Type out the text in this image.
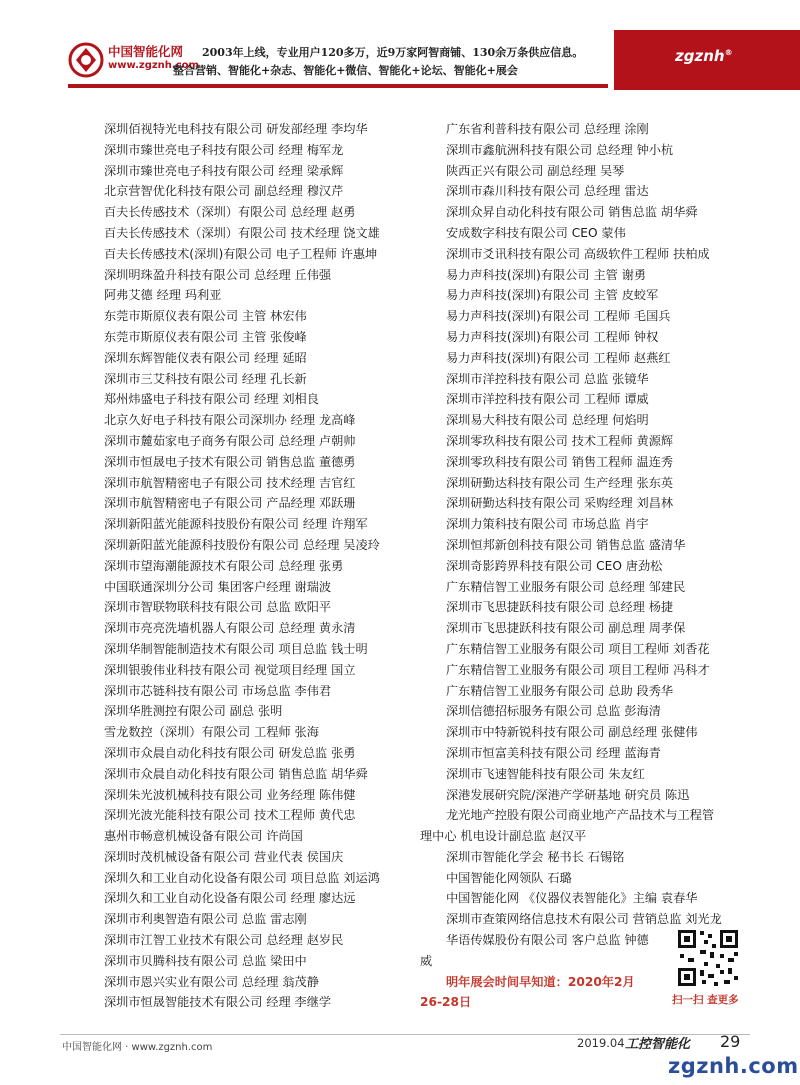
中国智能化网
www.zgznh.com
2003年上线，专业用户120多万，近9万家阿智商铺、130余万条供应信息。
整合营销、智能化+杂志、智能化+微信、智能化+论坛、智能化+展会
zgznh®
深圳佰视特光电科技有限公司 研发部经理 李均华
深圳市臻世亮电子科技有限公司 经理 梅军龙
深圳市臻世亮电子科技有限公司 经理 梁承辉
北京营智优化科技有限公司 副总经理 穆汉芹
百夫长传感技术（深圳）有限公司 总经理 赵勇
百夫长传感技术（深圳）有限公司 技术经理 饶文雄
百夫长传感技术(深圳)有限公司 电子工程师 许惠坤
深圳明珠盈升科技有限公司 总经理 丘伟强
阿弗艾德 经理 玛利亚
东莞市斯原仪表有限公司 主管 林宏伟
东莞市斯原仪表有限公司 主管 张俊峰
深圳东辉智能仪表有限公司 经理 延昭
深圳市三艾科技有限公司 经理 孔长新
郑州炜盛电子科技有限公司 经理 刘相良
北京久好电子科技有限公司深圳办 经理 龙高峰
深圳市麓茹家电子商务有限公司 总经理 卢朝帅
深圳市恒晟电子技术有限公司 销售总监 董德勇
深圳市航智精密电子有限公司 技术经理 吉官红
深圳市航智精密电子有限公司 产品经理 邓跃珊
深圳新阳蓝光能源科技股份有限公司 经理 许翔军
深圳新阳蓝光能源科技股份有限公司 总经理 吴凌玲
深圳市望海潮能源技术有限公司 总经理 张勇
中国联通深圳分公司 集团客户经理 谢瑞波
深圳市智联物联科技有限公司 总监 欧阳平
深圳市亮亮洗墙机器人有限公司 总经理 黄永清
深圳华制智能制造技术有限公司 项目总监 钱士明
深圳银骏伟业科技有限公司 视觉项目经理 国立
深圳市芯链科技有限公司 市场总监 李伟君
深圳华胜测控有限公司 副总 张明
雪龙数控（深圳）有限公司 工程师 张海
深圳市众晨自动化科技有限公司 研发总监 张勇
深圳市众晨自动化科技有限公司 销售总监 胡华舜
深圳朱光波机械科技有限公司 业务经理 陈伟健
深圳光波光能科技有限公司 技术工程师 黄代忠
惠州市畅意机械设备有限公司 许尚国
深圳时茂机械设备有限公司 营业代表 侯国庆
深圳久和工业自动化设备有限公司 项目总监 刘运鸿
深圳久和工业自动化设备有限公司 经理 廖达远
深圳市利奥智造有限公司 总监 雷志刚
深圳市江智工业技术有限公司 总经理 赵岁民
深圳市贝腾科技有限公司 总监 梁田中
深圳市恩兴实业有限公司 总经理 翁茂静
深圳市恒晟智能技术有限公司 经理 李继学
广东省利普科技有限公司 总经理 涂刚
深圳市鑫航洲科技有限公司 总经理 钟小杭
陕西正兴有限公司 副总经理 吴琴
深圳市森川科技有限公司 总经理 雷达
深圳众昇自动化科技有限公司 销售总监 胡华舜
安成数字科技有限公司 CEO 蒙伟
深圳市爻讯科技有限公司 高级软件工程师 扶柏成
易力声科技(深圳)有限公司 主管 谢勇
易力声科技(深圳)有限公司 主管 皮蛟军
易力声科技(深圳)有限公司 工程师 毛国兵
易力声科技(深圳)有限公司 工程师 钟权
易力声科技(深圳)有限公司 工程师 赵燕红
深圳市洋控科技有限公司 总监 张镜华
深圳市洋控科技有限公司 工程师 谭威
深圳易大科技有限公司 总经理 何焰明
深圳零玖科技有限公司 技术工程师 黄源辉
深圳零玖科技有限公司 销售工程师 温连秀
深圳研勤达科技有限公司 生产经理 张东英
深圳研勤达科技有限公司 采购经理 刘昌林
深圳力策科技有限公司 市场总监 肖宇
深圳恒邦新创科技有限公司 销售总监 盛清华
深圳奇影跨界科技有限公司 CEO 唐劲松
广东精信智工业服务有限公司 总经理 邹建民
深圳市飞思捷跃科技有限公司 总经理 杨捷
深圳市飞思捷跃科技有限公司 副总理 周孝保
广东精信智工业服务有限公司 项目工程师 刘香花
广东精信智工业服务有限公司 项目工程师 冯科才
广东精信智工业服务有限公司 总助 段秀华
深圳信德招标服务有限公司 总监 彭海清
深圳市中特新锐科技有限公司 副总经理 张健伟
深圳市恒富美科技有限公司 经理 蓝海青
深圳市飞速智能科技有限公司 朱友红
深港发展研究院/深港产学研基地 研究员 陈迅
龙光地产控股有限公司商业地产产品技术与工程管
理中心 机电设计副总监 赵汉平
深圳市智能化学会 秘书长 石锡铭
中国智能化网领队 石璐
中国智能化网 《仪器仪表智能化》主编 袁春华
深圳市查策网络信息技术有限公司 营销总监 刘光龙
华语传媒股份有限公司 客户总监 钟德
威
明年展会时间早知道：2020年2月
26-28日	扫一扫 查更多
中国智能化网 · www.zgznh.com	2019.04 工控智能化 29
zgznh.com
